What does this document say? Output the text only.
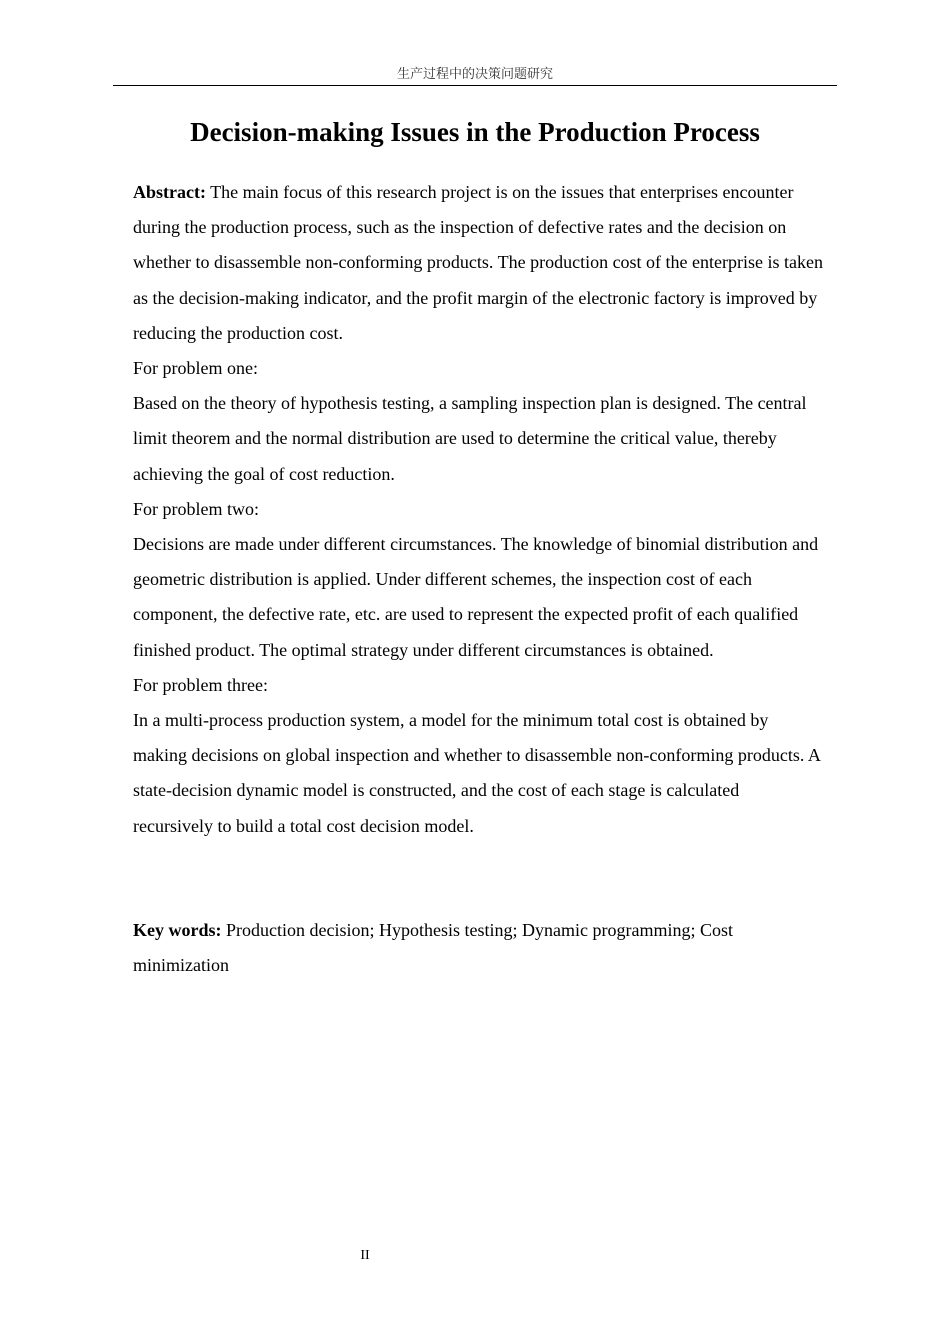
生产过程中的决策问题研究
Decision-making Issues in the Production Process

Abstract: The main focus of this research project is on the issues that enterprises encounter during the production process, such as the inspection of defective rates and the decision on whether to disassemble non-conforming products. The production cost of the enterprise is taken as the decision-making indicator, and the profit margin of the electronic factory is improved by reducing the production cost.

For problem one:

Based on the theory of hypothesis testing, a sampling inspection plan is designed. The central limit theorem and the normal distribution are used to determine the critical value, thereby achieving the goal of cost reduction.

For problem two:

Decisions are made under different circumstances. The knowledge of binomial distribution and geometric distribution is applied. Under different schemes, the inspection cost of each component, the defective rate, etc. are used to represent the expected profit of each qualified finished product. The optimal strategy under different circumstances is obtained.

For problem three:

In a multi-process production system, a model for the minimum total cost is obtained by making decisions on global inspection and whether to disassemble non-conforming products. A state-decision dynamic model is constructed, and the cost of each stage is calculated recursively to build a total cost decision model.

Key words: Production decision; Hypothesis testing; Dynamic programming; Cost minimization
II
